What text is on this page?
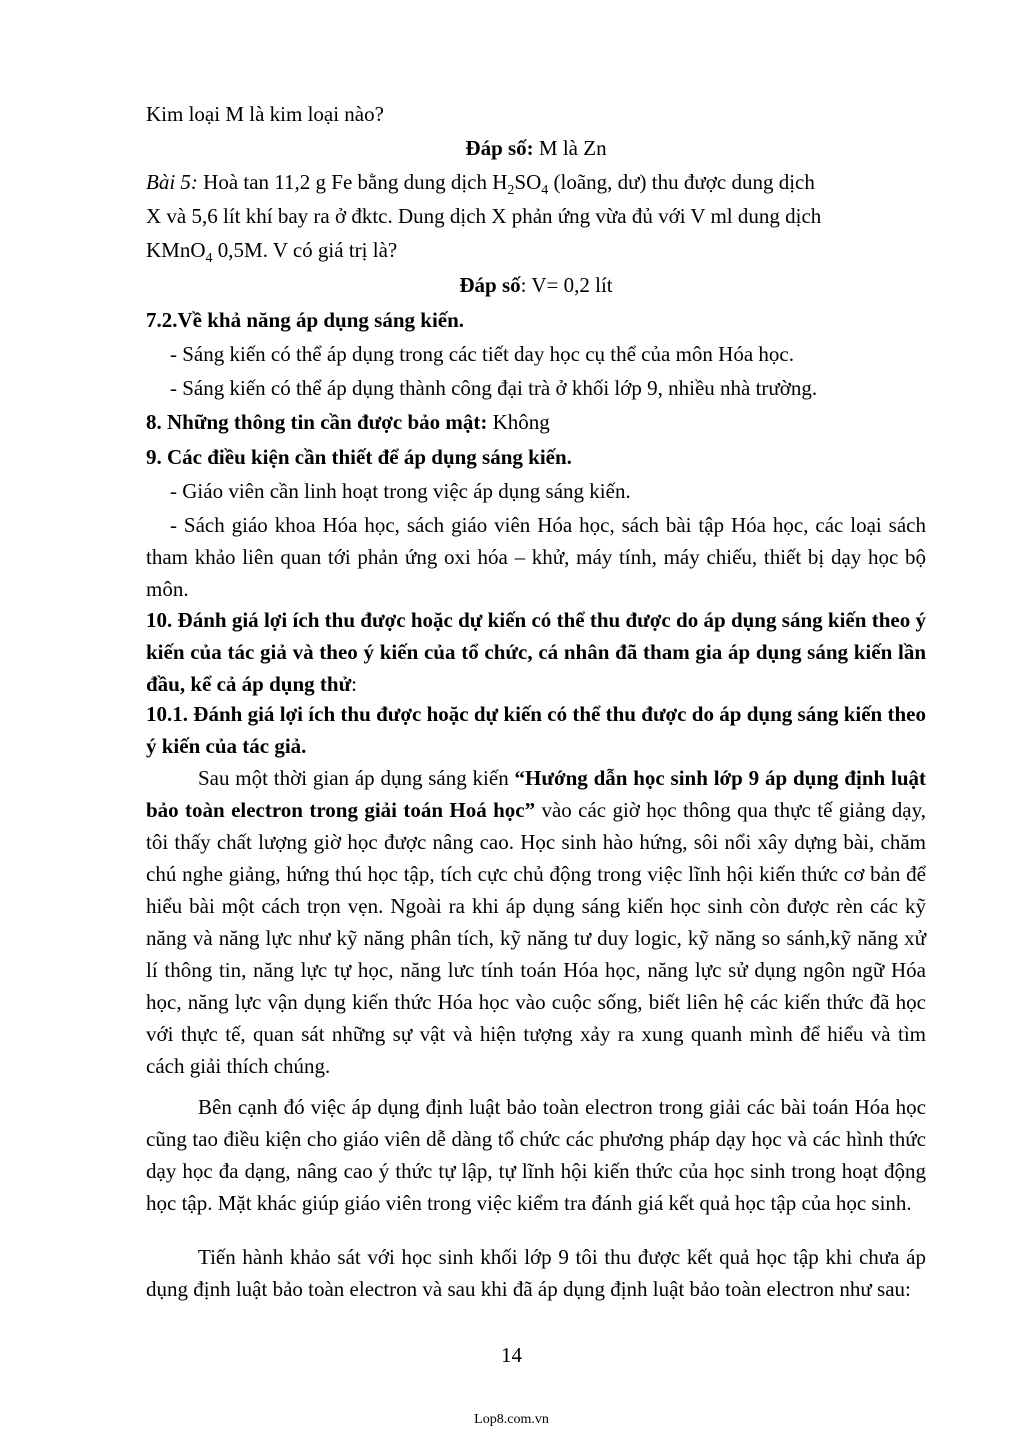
Kim loại M là kim loại nào?
Đáp số: M là Zn
Bài 5: Hoà tan 11,2 g Fe bằng dung dịch $H_2SO_4$ (loãng, dư) thu được dung dịch
X và 5,6 lít khí bay ra ở đktc. Dung dịch X phản ứng vừa đủ với V ml dung dịch
KMnO$_4$ 0,5M. V có giá trị là?
Đáp số: V= 0,2 lít
7.2.Về khả năng áp dụng sáng kiến.
- Sáng kiến có thể áp dụng trong các tiết day học cụ thể của môn Hóa học.
- Sáng kiến có thể áp dụng thành công đại trà ở khối lớp 9, nhiều nhà trường.
8. Những thông tin cần được bảo mật: Không
9. Các điều kiện cần thiết để áp dụng sáng kiến.
- Giáo viên cần linh hoạt trong việc áp dụng sáng kiến.
- Sách giáo khoa Hóa học, sách giáo viên Hóa học, sách bài tập Hóa học, các loại sách tham khảo liên quan tới phản ứng oxi hóa – khử, máy tính, máy chiếu, thiết bị dạy học bộ môn.
10. Đánh giá lợi ích thu được hoặc dự kiến có thể thu được do áp dụng sáng kiến theo ý kiến của tác giả và theo ý kiến của tổ chức, cá nhân đã tham gia áp dụng sáng kiến lần đầu, kể cả áp dụng thử:
10.1. Đánh giá lợi ích thu được hoặc dự kiến có thể thu được do áp dụng sáng kiến theo ý kiến của tác giả.
Sau một thời gian áp dụng sáng kiến “Hướng dẫn học sinh lớp 9 áp dụng định luật bảo toàn electron trong giải toán Hoá học” vào các giờ học thông qua thực tế giảng dạy, tôi thấy chất lượng giờ học được nâng cao. Học sinh hào hứng, sôi nổi xây dựng bài, chăm chú nghe giảng, hứng thú học tập, tích cực chủ động trong việc lĩnh hội kiến thức cơ bản để hiểu bài một cách trọn vẹn. Ngoài ra khi áp dụng sáng kiến học sinh còn được rèn các kỹ năng và năng lực như kỹ năng phân tích, kỹ năng tư duy logic, kỹ năng so sánh,kỹ năng xử lí thông tin, năng lực tự học, năng lưc tính toán Hóa học, năng lực sử dụng ngôn ngữ Hóa học, năng lực vận dụng kiến thức Hóa học vào cuộc sống, biết liên hệ các kiến thức đã học với thực tế, quan sát những sự vật và hiện tượng xảy ra xung quanh mình để hiểu và tìm cách giải thích chúng.
Bên cạnh đó việc áp dụng định luật bảo toàn electron trong giải các bài toán Hóa học cũng tao điều kiện cho giáo viên dễ dàng tổ chức các phương pháp dạy học và các hình thức dạy học đa dạng, nâng cao ý thức tự lập, tự lĩnh hội kiến thức của học sinh trong hoạt động học tập. Mặt khác giúp giáo viên trong việc kiểm tra đánh giá kết quả học tập của học sinh.
Tiến hành khảo sát với học sinh khối lớp 9 tôi thu được kết quả học tập khi chưa áp dụng định luật bảo toàn electron và sau khi đã áp dụng định luật bảo toàn electron như sau:
14
Lop8.com.vn
